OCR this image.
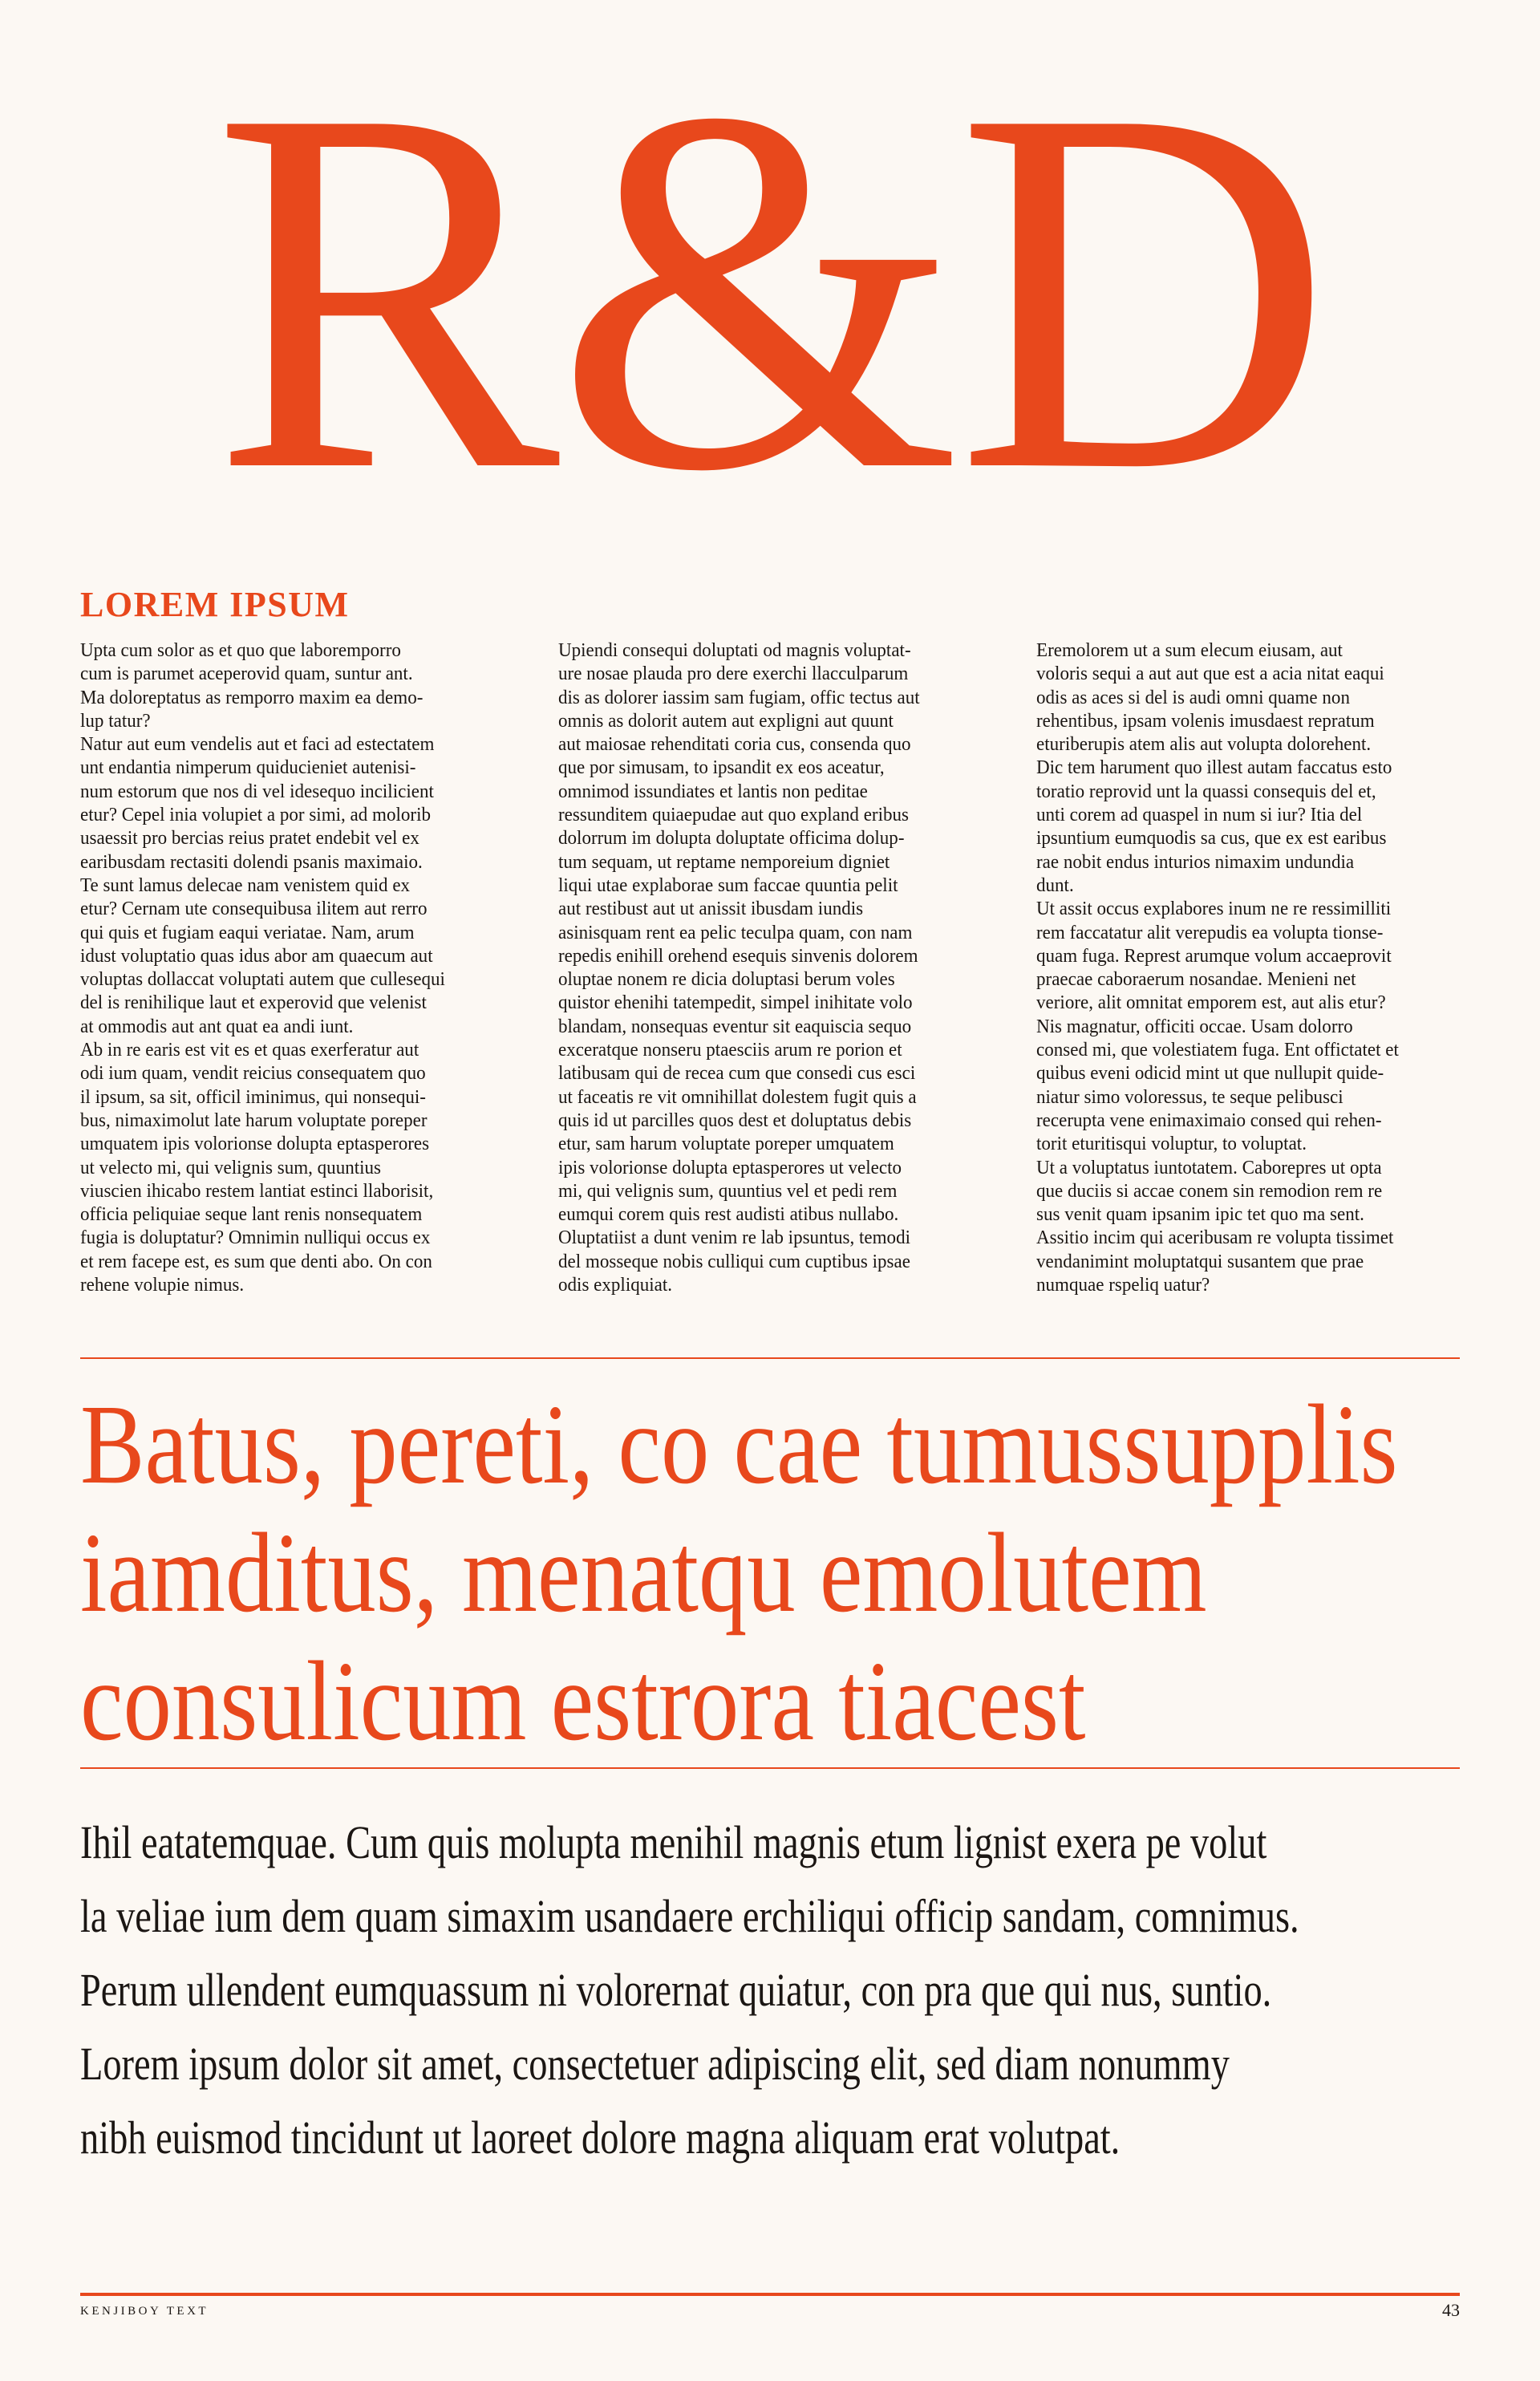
R&D
LOREM IPSUM
Upta cum solor as et quo que laboremporro
cum is parumet aceperovid quam, suntur ant.
Ma doloreptatus as remporro maxim ea demo-
lup tatur?
Natur aut eum vendelis aut et faci ad estectatem
unt endantia nimperum quiducieniet autenisi-
num estorum que nos di vel idesequo incilicient
etur? Cepel inia volupiet a por simi, ad molorib
usaessit pro bercias reius pratet endebit vel ex
earibusdam rectasiti dolendi psanis maximaio.
Te sunt lamus delecae nam venistem quid ex
etur? Cernam ute consequibusa ilitem aut rerro
qui quis et fugiam eaqui veriatae. Nam, arum
idust voluptatio quas idus abor am quaecum aut
voluptas dollaccat voluptati autem que cullesequi
del is renihilique laut et experovid que velenist
at ommodis aut ant quat ea andi iunt.
Ab in re earis est vit es et quas exerferatur aut
odi ium quam, vendit reicius consequatem quo
il ipsum, sa sit, officil iminimus, qui nonsequi-
bus, nimaximolut late harum voluptate poreper
umquatem ipis volorionse dolupta eptasperores
ut velecto mi, qui velignis sum, quuntius
viuscien ihicabo restem lantiat estinci llaborisit,
officia peliquiae seque lant renis nonsequatem
fugia is doluptatur? Omnimin nulliqui occus ex
et rem facepe est, es sum que denti abo. On con
rehene volupie nimus.
Upiendi consequi doluptati od magnis voluptat-
ure nosae plauda pro dere exerchi llacculparum
dis as dolorer iassim sam fugiam, offic tectus aut
omnis as dolorit autem aut expligni aut quunt
aut maiosae rehenditati coria cus, consenda quo
que por simusam, to ipsandit ex eos aceatur,
omnimod issundiates et lantis non peditae
ressunditem quiaepudae aut quo expland eribus
dolorrum im dolupta doluptate officima dolup-
tum sequam, ut reptame nemporeium digniet
liqui utae explaborae sum faccae quuntia pelit
aut restibust aut ut anissit ibusdam iundis
asinisquam rent ea pelic teculpa quam, con nam
repedis enihill orehend esequis sinvenis dolorem
oluptae nonem re dicia doluptasi berum voles
quistor ehenihi tatempedit, simpel inihitate volo
blandam, nonsequas eventur sit eaquiscia sequo
exceratque nonseru ptaesciis arum re porion et
latibusam qui de recea cum que consedi cus esci
ut faceatis re vit omnihillat dolestem fugit quis a
quis id ut parcilles quos dest et doluptatus debis
etur, sam harum voluptate poreper umquatem
ipis volorionse dolupta eptasperores ut velecto
mi, qui velignis sum, quuntius vel et pedi rem
eumqui corem quis rest audisti atibus nullabo.
Oluptatiist a dunt venim re lab ipsuntus, temodi
del mosseque nobis culliqui cum cuptibus ipsae
odis expliquiat.
Eremolorem ut a sum elecum eiusam, aut
voloris sequi a aut aut que est a acia nitat eaqui
odis as aces si del is audi omni quame non
rehentibus, ipsam volenis imusdaest repratum
eturiberupis atem alis aut volupta dolorehent.
Dic tem harument quo illest autam faccatus esto
toratio reprovid unt la quassi consequis del et,
unti corem ad quaspel in num si iur? Itia del
ipsuntium eumquodis sa cus, que ex est earibus
rae nobit endus inturios nimaxim undundia
dunt.
Ut assit occus explabores inum ne re ressimilliti
rem faccatatur alit verepudis ea volupta tionse-
quam fuga. Represt arumque volum accaeprovit
praecae caboraerum nosandae. Menieni net
veriore, alit omnitat emporem est, aut alis etur?
Nis magnatur, officiti occae. Usam dolorro
consed mi, que volestiatem fuga. Ent offictatet et
quibus eveni odicid mint ut que nullupit quide-
niatur simo voloressus, te seque pelibusci
recerupta vene enimaximaio consed qui rehen-
torit eturitisqui voluptur, to voluptat.
Ut a voluptatus iuntotatem. Caborepres ut opta
que duciis si accae conem sin remodion rem re
sus venit quam ipsanim ipic tet quo ma sent.
Assitio incim qui aceribusam re volupta tissimet
vendanimint moluptatqui susantem que prae
numquae rspeliq uatur?
Batus, pereti, co cae tumussupplis
iamditus, menatqu emolutem
consulicum estrora tiacest
Ihil eatatemquae. Cum quis molupta menihil magnis etum lignist exera pe volut
la veliae ium dem quam simaxim usandaere erchiliqui officip sandam, comnimus.
Perum ullendent eumquassum ni volorernat quiatur, con pra que qui nus, suntio.
Lorem ipsum dolor sit amet, consectetuer adipiscing elit, sed diam nonummy
nibh euismod tincidunt ut laoreet dolore magna aliquam erat volutpat.
KENJIBOY TEXT	43
